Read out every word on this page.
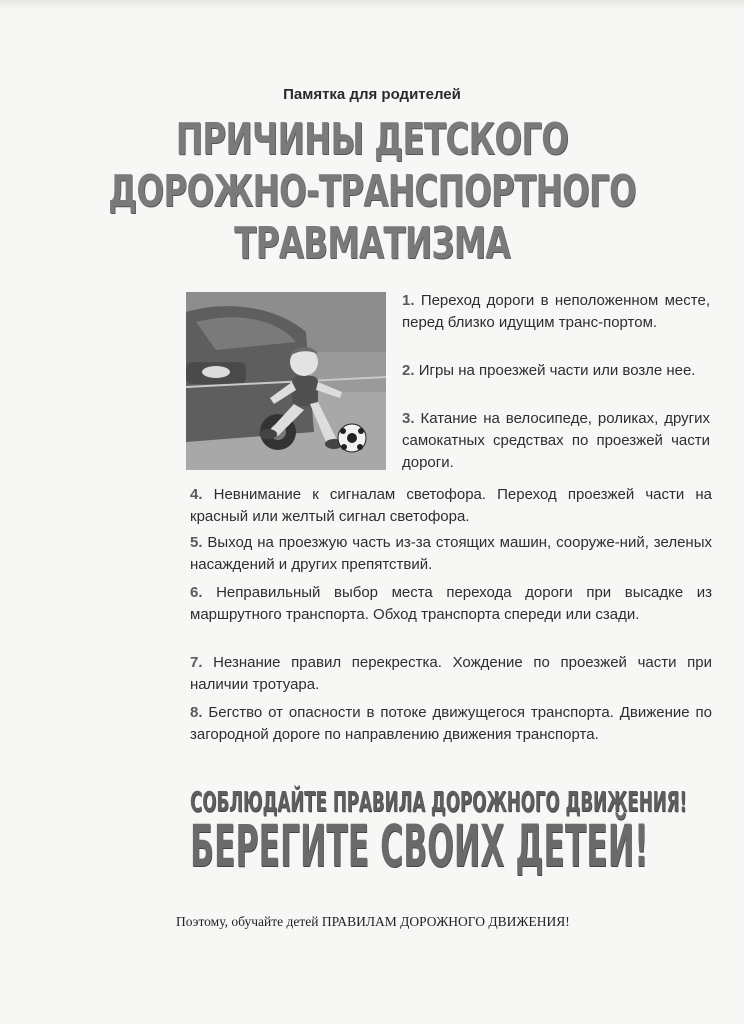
Памятка для родителей
ПРИЧИНЫ ДЕТСКОГО
ДОРОЖНО-ТРАНСПОРТНОГО
ТРАВМАТИЗМА

1. Переход дороги в неположенном месте, перед близко идущим транс-портом.

2. Игры на проезжей части или возле нее.

3. Катание на велосипеде, роликах, других самокатных средствах по проезжей части дороги.

4. Невнимание к сигналам светофора. Переход проезжей части на красный или желтый сигнал светофора.

5. Выход на проезжую часть из-за стоящих машин, сооруже-ний, зеленых насаждений и других препятствий.

6. Неправильный выбор места перехода дороги при высадке из маршрутного транспорта. Обход транспорта спереди или сзади.

7. Незнание правил перекрестка. Хождение по проезжей части при наличии тротуара.

8. Бегство от опасности в потоке движущегося транспорта. Движение по загородной дороге по направлению движения транспорта.

СОБЛЮДАЙТЕ ПРАВИЛА ДОРОЖНОГО ДВИЖЕНИЯ!
БЕРЕГИТЕ СВОИХ ДЕТЕЙ!
Поэтому, обучайте детей ПРАВИЛАМ ДОРОЖНОГО ДВИЖЕНИЯ!
